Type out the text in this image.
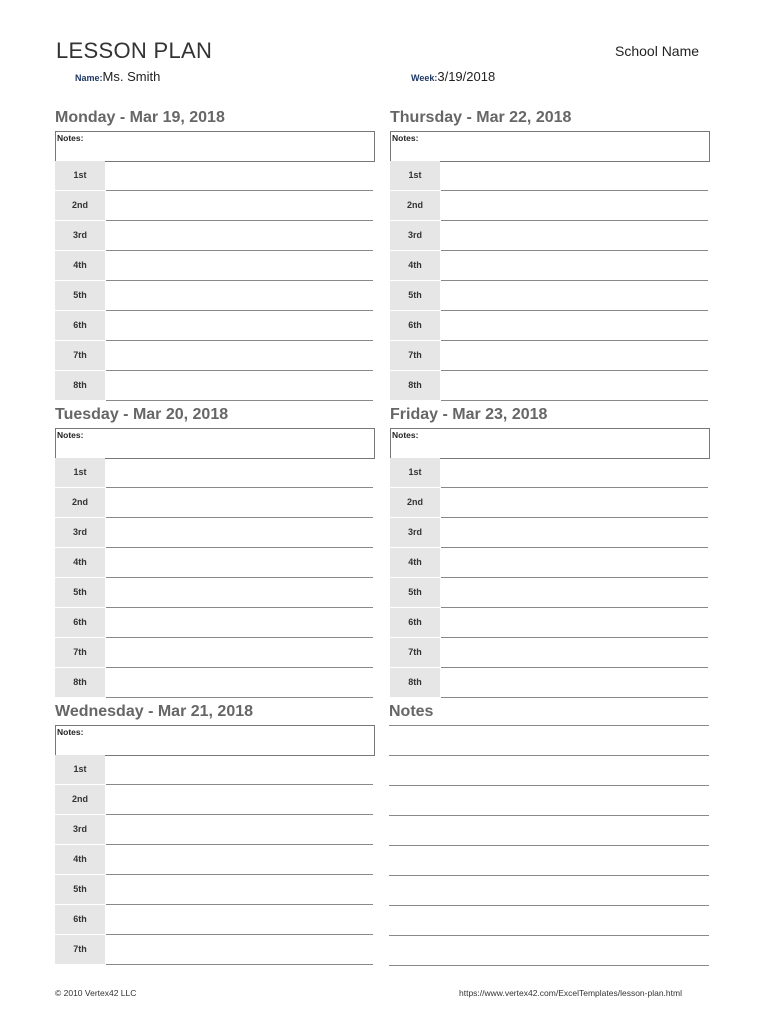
LESSON PLAN	School Name
Name:Ms. Smith	Week:3/19/2018
Monday - Mar 19, 2018
Notes:
1st
2nd
3rd
4th
5th
6th
7th
8th
Thursday - Mar 22, 2018
Notes:
1st
2nd
3rd
4th
5th
6th
7th
8th
Tuesday - Mar 20, 2018
Notes:
1st
2nd
3rd
4th
5th
6th
7th
8th
Friday - Mar 23, 2018
Notes:
1st
2nd
3rd
4th
5th
6th
7th
8th
Wednesday - Mar 21, 2018
Notes:
1st
2nd
3rd
4th
5th
6th
7th
Notes
© 2010 Vertex42 LLC	https://www.vertex42.com/ExcelTemplates/lesson-plan.html
